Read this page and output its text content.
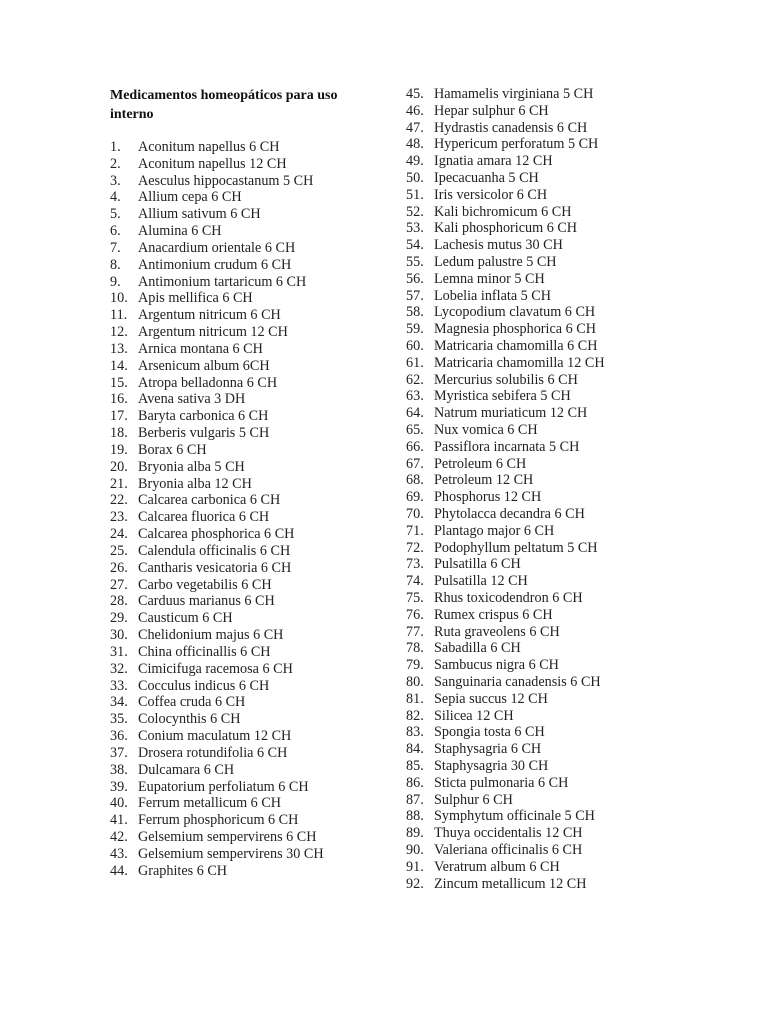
Medicamentos homeopáticos para uso interno
1. Aconitum napellus 6 CH
2. Aconitum napellus 12 CH
3. Aesculus hippocastanum 5 CH
4. Allium cepa 6 CH
5. Allium sativum 6 CH
6. Alumina 6 CH
7. Anacardium orientale 6 CH
8. Antimonium crudum 6 CH
9. Antimonium tartaricum 6 CH
10. Apis mellifica 6 CH
11. Argentum nitricum 6 CH
12. Argentum nitricum 12 CH
13. Arnica montana 6 CH
14. Arsenicum album 6CH
15. Atropa belladonna 6 CH
16. Avena sativa 3 DH
17. Baryta carbonica 6 CH
18. Berberis vulgaris 5 CH
19. Borax 6 CH
20. Bryonia alba 5 CH
21. Bryonia alba 12 CH
22. Calcarea carbonica 6 CH
23. Calcarea fluorica 6 CH
24. Calcarea phosphorica 6 CH
25. Calendula officinalis 6 CH
26. Cantharis vesicatoria 6 CH
27. Carbo vegetabilis 6 CH
28. Carduus marianus 6 CH
29. Causticum 6 CH
30. Chelidonium majus 6 CH
31. China officinallis 6 CH
32. Cimicifuga racemosa 6 CH
33. Cocculus indicus 6 CH
34. Coffea cruda 6 CH
35. Colocynthis 6 CH
36. Conium maculatum 12 CH
37. Drosera rotundifolia 6 CH
38. Dulcamara 6 CH
39. Eupatorium perfoliatum 6 CH
40. Ferrum metallicum 6 CH
41. Ferrum phosphoricum 6 CH
42. Gelsemium sempervirens 6 CH
43. Gelsemium sempervirens 30 CH
44. Graphites 6 CH
45. Hamamelis virginiana 5 CH
46. Hepar sulphur 6 CH
47. Hydrastis canadensis 6 CH
48. Hypericum perforatum 5 CH
49. Ignatia amara 12 CH
50. Ipecacuanha 5 CH
51. Iris versicolor 6 CH
52. Kali bichromicum 6 CH
53. Kali phosphoricum 6 CH
54. Lachesis mutus 30 CH
55. Ledum palustre 5 CH
56. Lemna minor 5 CH
57. Lobelia inflata 5 CH
58. Lycopodium clavatum 6 CH
59. Magnesia phosphorica 6 CH
60. Matricaria chamomilla 6 CH
61. Matricaria chamomilla 12 CH
62. Mercurius solubilis 6 CH
63. Myristica sebifera 5 CH
64. Natrum muriaticum 12 CH
65. Nux vomica 6 CH
66. Passiflora incarnata 5 CH
67. Petroleum 6 CH
68. Petroleum 12 CH
69. Phosphorus 12 CH
70. Phytolacca decandra 6 CH
71. Plantago major 6 CH
72. Podophyllum peltatum 5 CH
73. Pulsatilla 6 CH
74. Pulsatilla 12 CH
75. Rhus toxicodendron 6 CH
76. Rumex crispus 6 CH
77. Ruta graveolens 6 CH
78. Sabadilla 6 CH
79. Sambucus nigra 6 CH
80. Sanguinaria canadensis 6 CH
81. Sepia succus 12 CH
82. Silicea 12 CH
83. Spongia tosta 6 CH
84. Staphysagria 6 CH
85. Staphysagria 30 CH
86. Sticta pulmonaria 6 CH
87. Sulphur 6 CH
88. Symphytum officinale 5 CH
89. Thuya occidentalis 12 CH
90. Valeriana officinalis 6 CH
91. Veratrum album 6 CH
92. Zincum metallicum 12 CH
